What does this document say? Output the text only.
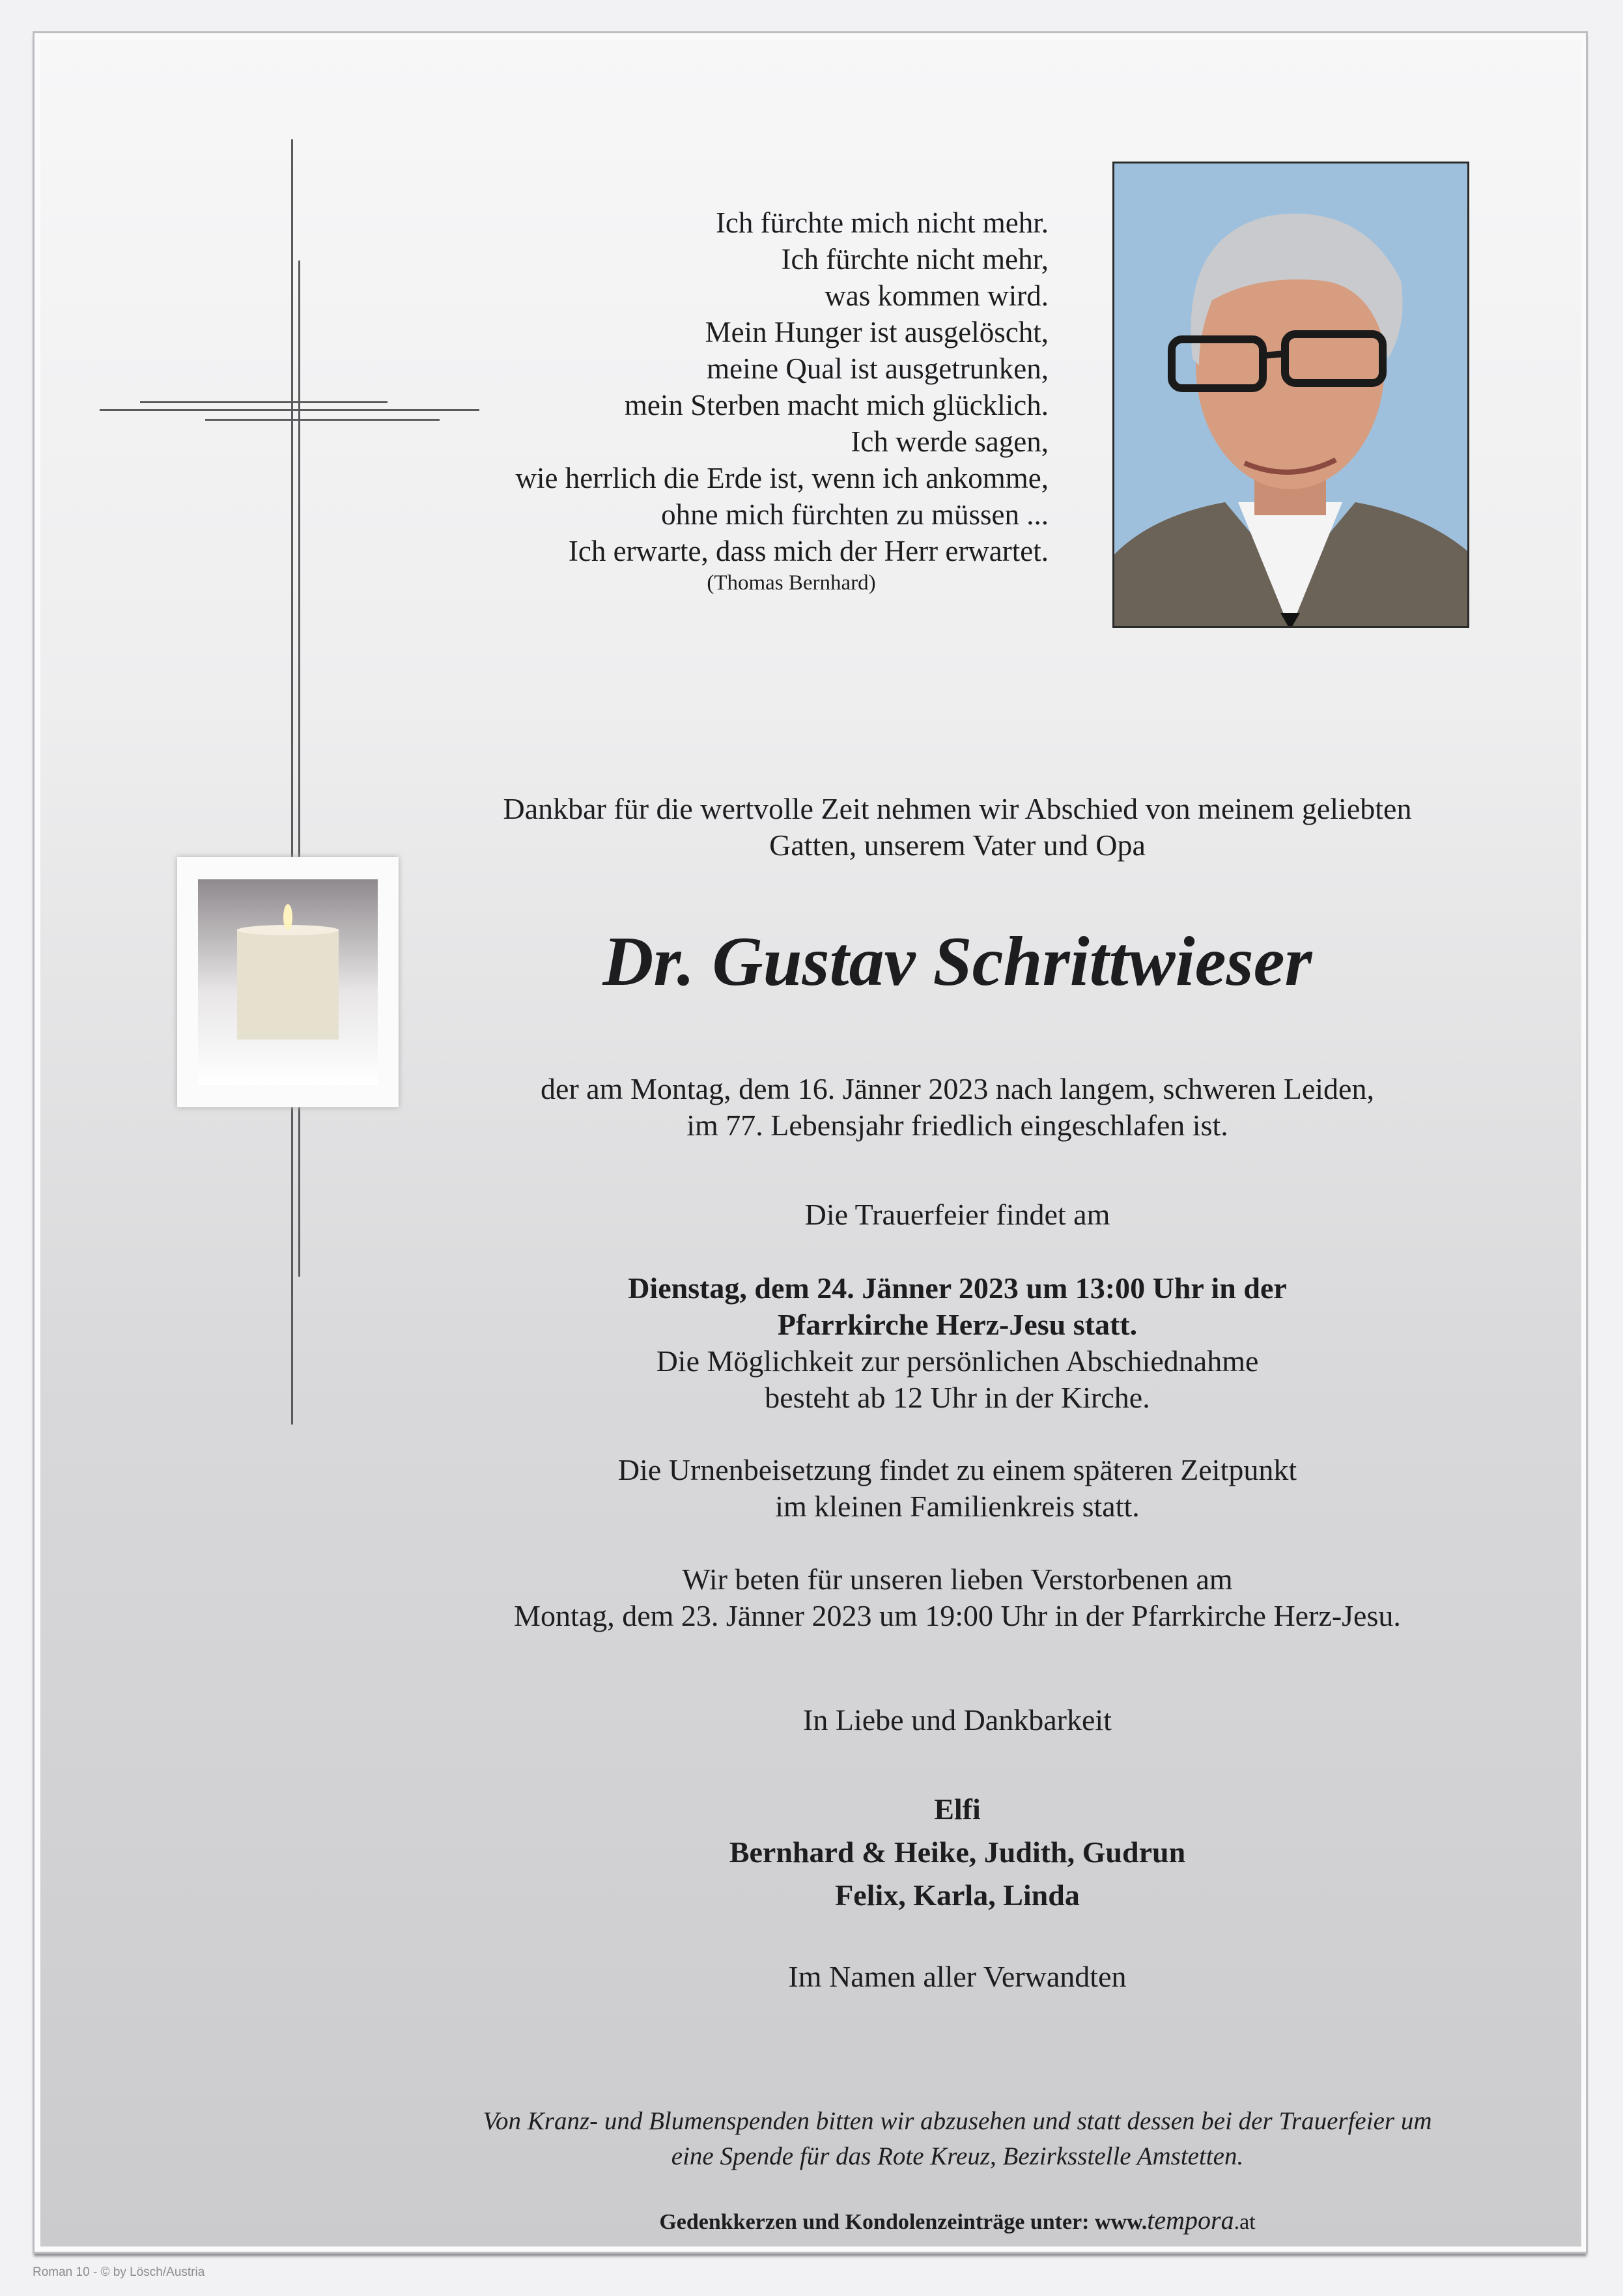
Ich fürchte mich nicht mehr.
Ich fürchte nicht mehr,
was kommen wird.
Mein Hunger ist ausgelöscht,
meine Qual ist ausgetrunken,
mein Sterben macht mich glücklich.
Ich werde sagen,
wie herrlich die Erde ist, wenn ich ankomme,
ohne mich fürchten zu müssen ...
Ich erwarte, dass mich der Herr erwartet.
(Thomas Bernhard)
Dankbar für die wertvolle Zeit nehmen wir Abschied von meinem geliebten
Gatten, unserem Vater und Opa
Dr. Gustav Schrittwieser
der am Montag, dem 16. Jänner 2023 nach langem, schweren Leiden,
im 77. Lebensjahr friedlich eingeschlafen ist.
Die Trauerfeier findet am
Dienstag, dem 24. Jänner 2023 um 13:00 Uhr in der
Pfarrkirche Herz-Jesu statt.
Die Möglichkeit zur persönlichen Abschiednahme
besteht ab 12 Uhr in der Kirche.
Die Urnenbeisetzung findet zu einem späteren Zeitpunkt
im kleinen Familienkreis statt.
Wir beten für unseren lieben Verstorbenen am
Montag, dem 23. Jänner 2023 um 19:00 Uhr in der Pfarrkirche Herz-Jesu.
In Liebe und Dankbarkeit
Elfi
Bernhard & Heike, Judith, Gudrun
Felix, Karla, Linda
Im Namen aller Verwandten
Von Kranz- und Blumenspenden bitten wir abzusehen und statt dessen bei der Trauerfeier um
eine Spende für das Rote Kreuz, Bezirksstelle Amstetten.
Gedenkkerzen und Kondolenzeinträge unter: www.tempora.at
Roman 10 - © by Lösch/Austria
